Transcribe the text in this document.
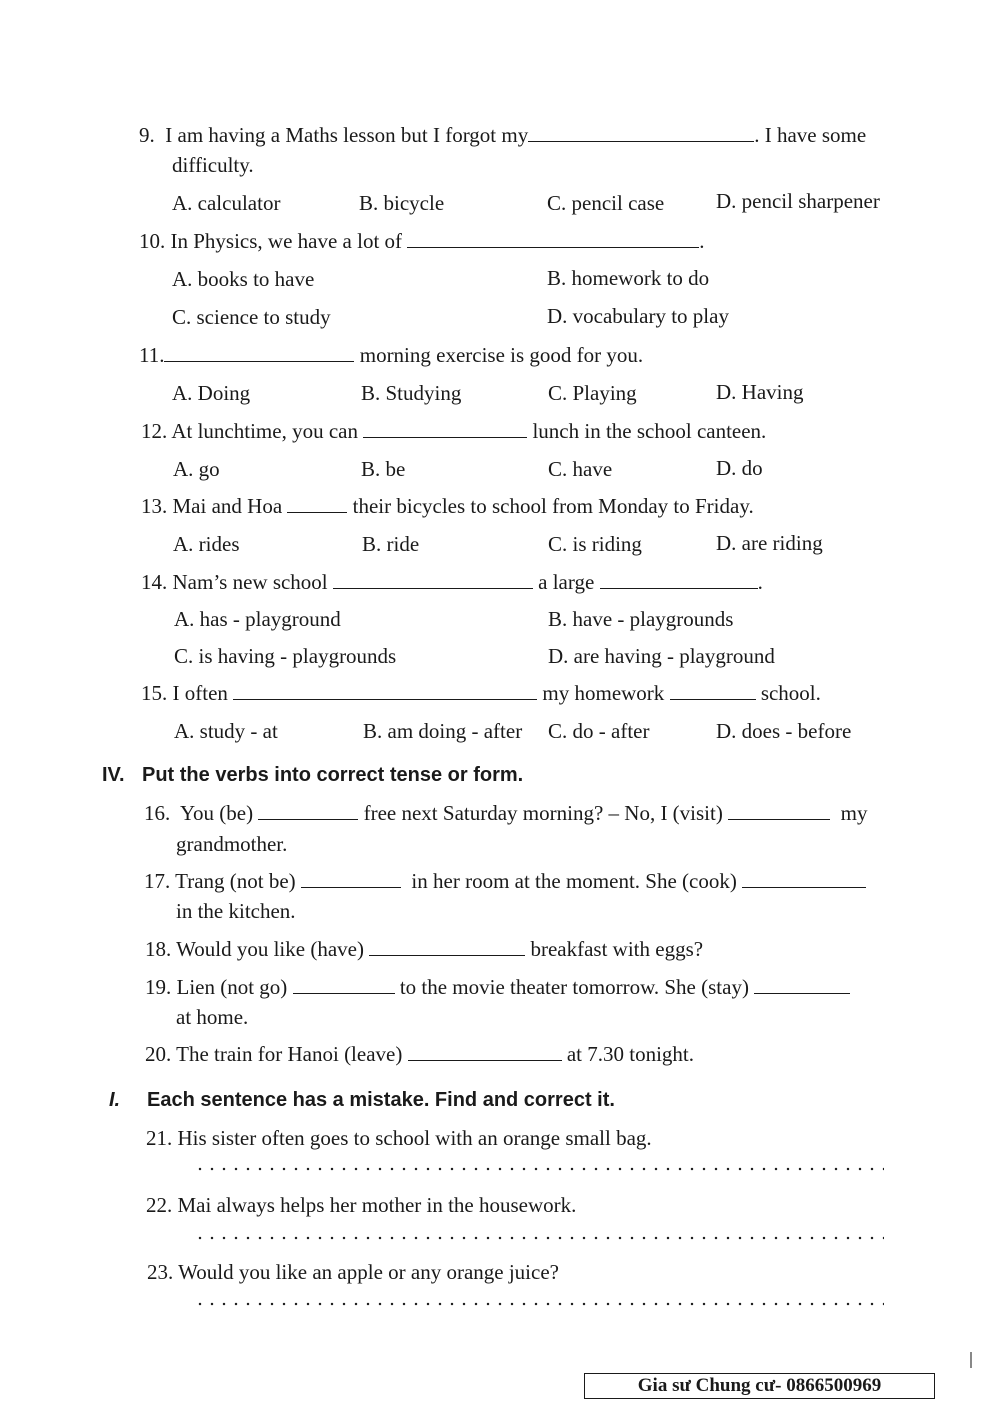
9. I am having a Maths lesson but I forgot my	. I have some
difficulty.
A. calculator	B. bicycle	C. pencil case D. pencil sharpener
10. In Physics, we have a lot of	.
A. books to have	B. homework to do
C. science to study	D. vocabulary to play
11.	morning exercise is good for you.
A. Doing	B. Studying	C. Playing	D. Having
12. At lunchtime, you can	lunch in the school canteen.
A. go	B. be	C. have	D. do
13. Mai and Hoa	their bicycles to school from Monday to Friday.
A. rides	B. ride	C. is riding	D. are riding
14. Nam’s new school	a large	.
A. has - playground	B. have - playgrounds
C. is having - playgrounds	D. are having - playground
15. I often	my homework	school.
A. study - at	B. am doing - after C. do - after	D. does - before
IV. Put the verbs into correct tense or form.
16. You (be)	free next Saturday morning? – No, I (visit)	my
grandmother.
17. Trang (not be)	in her room at the moment. She (cook)
in the kitchen.
18. Would you like (have)	breakfast with eggs?
19. Lien (not go)	to the movie theater tomorrow. She (stay)
at home.
20. The train for Hanoi (leave)	at 7.30 tonight.
I. Each sentence has a mistake. Find and correct it.
21. His sister often goes to school with an orange small bag.
22. Mai always helps her mother in the housework.
23. Would you like an apple or any orange juice?
Gia sư Chung cư- 0866500969
